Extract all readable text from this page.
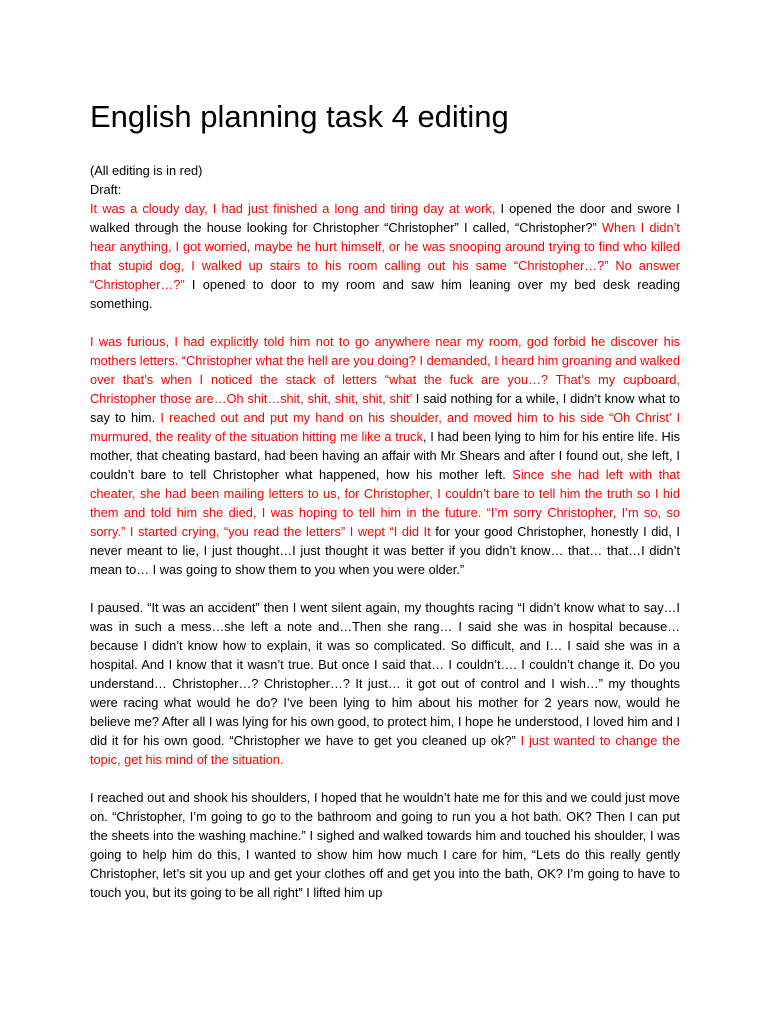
English planning task 4 editing
(All editing is in red)
Draft:

It was a cloudy day, I had just finished a long and tiring day at work, I opened the door and swore I walked through the house looking for Christopher “Christopher” I called, “Christopher?” When I didn’t hear anything, I got worried, maybe he hurt himself, or he was snooping around trying to find who killed that stupid dog, I walked up stairs to his room calling out his same “Christopher…?” No answer “Christopher…?” I opened to door to my room and saw him leaning over my bed desk reading something.

I was furious, I had explicitly told him not to go anywhere near my room, god forbid he discover his mothers letters. “Christopher what the hell are you doing? I demanded, I heard him groaning and walked over that’s when I noticed the stack of letters “what the fuck are you…? That’s my cupboard, Christopher those are…Oh shit…shit, shit, shit, shit, shit’ I said nothing for a while, I didn’t know what to say to him. I reached out and put my hand on his shoulder, and moved him to his side “Oh Christ’ I murmured, the reality of the situation hitting me like a truck, I had been lying to him for his entire life. His mother, that cheating bastard, had been having an affair with Mr Shears and after I found out, she left, I couldn’t bare to tell Christopher what happened, how his mother left. Since she had left with that cheater, she had been mailing letters to us, for Christopher, I couldn’t bare to tell him the truth so I hid them and told him she died, I was hoping to tell him in the future. “I’m sorry Christopher, I’m so, so sorry.” I started crying, “you read the letters” I wept “I did It for your good Christopher, honestly I did, I never meant to lie, I just thought…I just thought it was better if you didn’t know… that… that…I didn’t mean to… I was going to show them to you when you were older.”

I paused. “It was an accident” then I went silent again, my thoughts racing “I didn’t know what to say…I was in such a mess…she left a note and…Then she rang… I said she was in hospital because…because I didn’t know how to explain, it was so complicated. So difficult, and I… I said she was in a hospital. And I know that it wasn’t true. But once I said that… I couldn’t…. I couldn’t change it. Do you understand… Christopher…? Christopher…? It just… it got out of control and I wish…” my thoughts were racing what would he do? I’ve been lying to him about his mother for 2 years now, would he believe me? After all I was lying for his own good, to protect him, I hope he understood, I loved him and I did it for his own good. “Christopher we have to get you cleaned up ok?” I just wanted to change the topic, get his mind of the situation.

I reached out and shook his shoulders, I hoped that he wouldn’t hate me for this and we could just move on. “Christopher, I’m going to go to the bathroom and going to run you a hot bath. OK? Then I can put the sheets into the washing machine.” I sighed and walked towards him and touched his shoulder, I was going to help him do this, I wanted to show him how much I care for him, “Lets do this really gently Christopher, let’s sit you up and get your clothes off and get you into the bath, OK? I’m going to have to touch you, but its going to be all right” I lifted him up
